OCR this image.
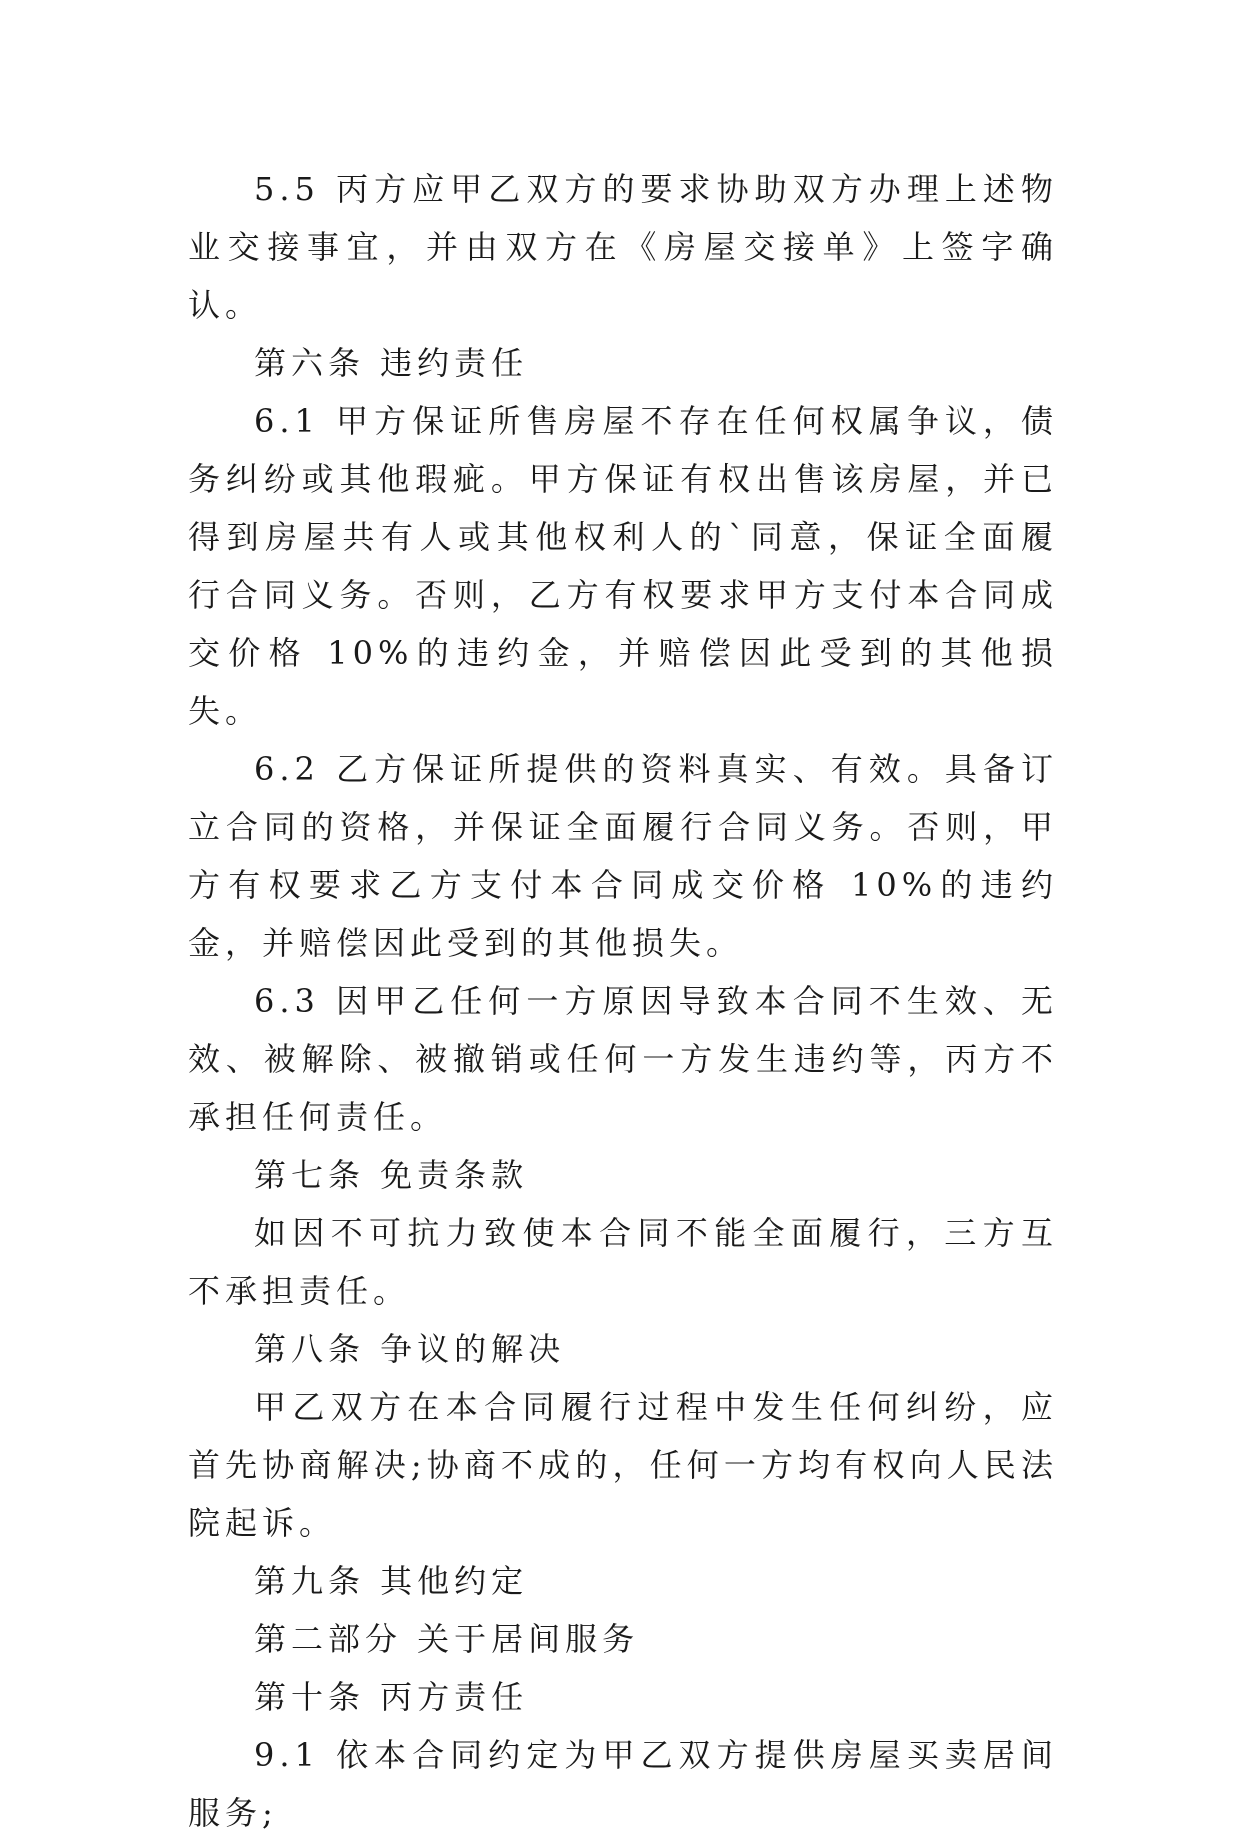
5.5 丙方应甲乙双方的要求协助双方办理上述物业交接事宜，并由双方在《房屋交接单》上签字确认。

第六条 违约责任

6.1 甲方保证所售房屋不存在任何权属争议，债务纠纷或其他瑕疵。甲方保证有权出售该房屋，并已得到房屋共有人或其他权利人的`同意，保证全面履行合同义务。否则，乙方有权要求甲方支付本合同成交价格 10%的违约金，并赔偿因此受到的其他损失。

6.2 乙方保证所提供的资料真实、有效。具备订立合同的资格，并保证全面履行合同义务。否则，甲方有权要求乙方支付本合同成交价格 10%的违约金，并赔偿因此受到的其他损失。

6.3 因甲乙任何一方原因导致本合同不生效、无效、被解除、被撤销或任何一方发生违约等，丙方不承担任何责任。

第七条 免责条款

如因不可抗力致使本合同不能全面履行，三方互不承担责任。

第八条 争议的解决

甲乙双方在本合同履行过程中发生任何纠纷，应首先协商解决;协商不成的，任何一方均有权向人民法院起诉。

第九条 其他约定

第二部分 关于居间服务

第十条 丙方责任

9.1 依本合同约定为甲乙双方提供房屋买卖居间服务;
